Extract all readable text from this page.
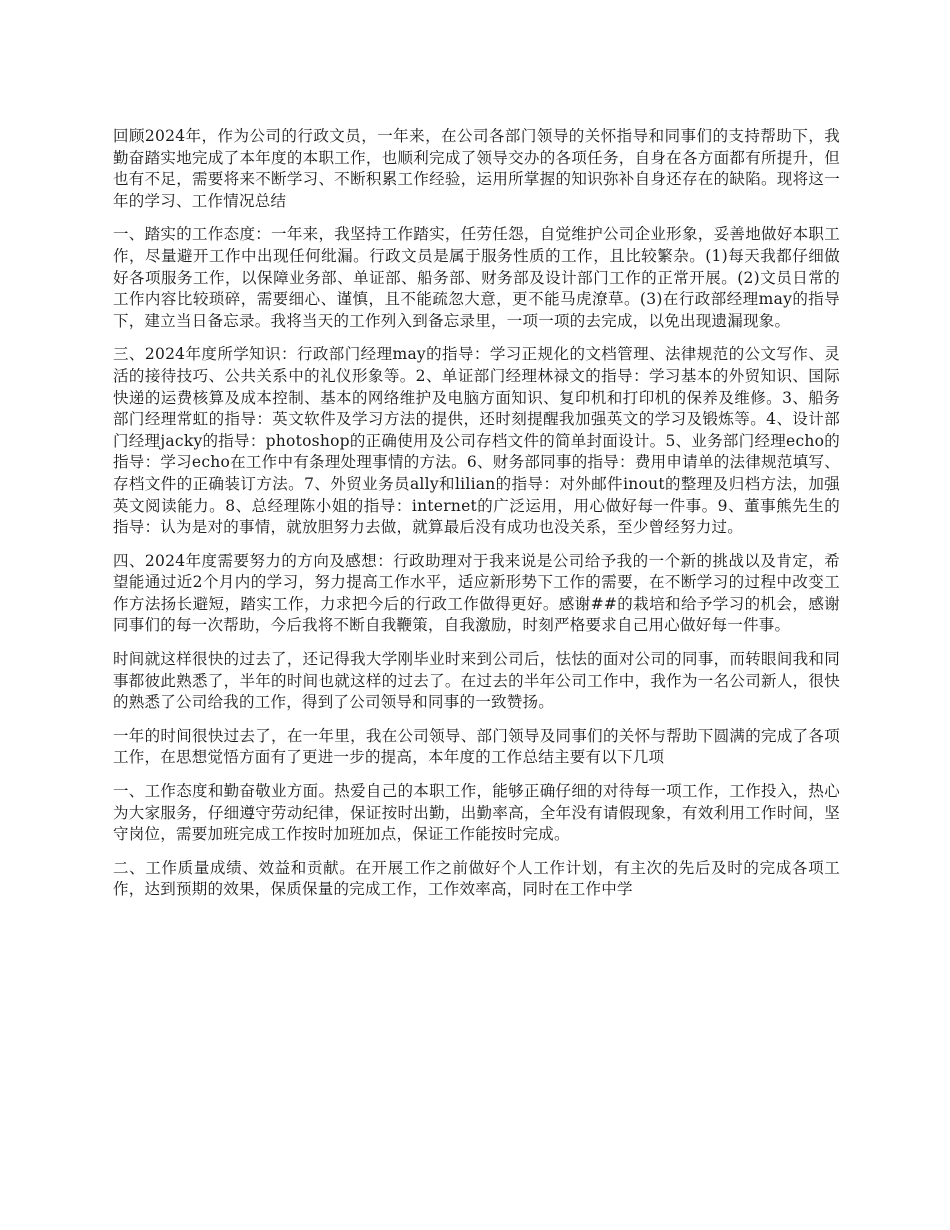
回顾2024年，作为公司的行政文员，一年来，在公司各部门领导的关怀指导和同事们的支持帮助下，我勤奋踏实地完成了本年度的本职工作，也顺利完成了领导交办的各项任务，自身在各方面都有所提升，但也有不足，需要将来不断学习、不断积累工作经验，运用所掌握的知识弥补自身还存在的缺陷。现将这一年的学习、工作情况总结

一、踏实的工作态度：一年来，我坚持工作踏实，任劳任怨，自觉维护公司企业形象，妥善地做好本职工作，尽量避开工作中出现任何纰漏。行政文员是属于服务性质的工作，且比较繁杂。(1)每天我都仔细做好各项服务工作，以保障业务部、单证部、船务部、财务部及设计部门工作的正常开展。(2)文员日常的工作内容比较琐碎，需要细心、谨慎，且不能疏忽大意，更不能马虎潦草。(3)在行政部经理may的指导下，建立当日备忘录。我将当天的工作列入到备忘录里，一项一项的去完成，以免出现遗漏现象。

三、2024年度所学知识：行政部门经理may的指导：学习正规化的文档管理、法律规范的公文写作、灵活的接待技巧、公共关系中的礼仪形象等。2、单证部门经理林禄文的指导：学习基本的外贸知识、国际快递的运费核算及成本控制、基本的网络维护及电脑方面知识、复印机和打印机的保养及维修。3、船务部门经理常虹的指导：英文软件及学习方法的提供，还时刻提醒我加强英文的学习及锻炼等。4、设计部门经理jacky的指导：photoshop的正确使用及公司存档文件的简单封面设计。5、业务部门经理echo的指导：学习echo在工作中有条理处理事情的方法。6、财务部同事的指导：费用申请单的法律规范填写、存档文件的正确装订方法。7、外贸业务员ally和lilian的指导：对外邮件inout的整理及归档方法，加强英文阅读能力。8、总经理陈小姐的指导：internet的广泛运用，用心做好每一件事。9、董事熊先生的指导：认为是对的事情，就放胆努力去做，就算最后没有成功也没关系，至少曾经努力过。

四、2024年度需要努力的方向及感想：行政助理对于我来说是公司给予我的一个新的挑战以及肯定，希望能通过近2个月内的学习，努力提高工作水平，适应新形势下工作的需要，在不断学习的过程中改变工作方法扬长避短，踏实工作，力求把今后的行政工作做得更好。感谢##的栽培和给予学习的机会，感谢同事们的每一次帮助，今后我将不断自我鞭策，自我激励，时刻严格要求自己用心做好每一件事。

时间就这样很快的过去了，还记得我大学刚毕业时来到公司后，怯怯的面对公司的同事，而转眼间我和同事都彼此熟悉了，半年的时间也就这样的过去了。在过去的半年公司工作中，我作为一名公司新人，很快的熟悉了公司给我的工作，得到了公司领导和同事的一致赞扬。

一年的时间很快过去了，在一年里，我在公司领导、部门领导及同事们的关怀与帮助下圆满的完成了各项工作，在思想觉悟方面有了更进一步的提高，本年度的工作总结主要有以下几项

一、工作态度和勤奋敬业方面。热爱自己的本职工作，能够正确仔细的对待每一项工作，工作投入，热心为大家服务，仔细遵守劳动纪律，保证按时出勤，出勤率高，全年没有请假现象，有效利用工作时间，坚守岗位，需要加班完成工作按时加班加点，保证工作能按时完成。

二、工作质量成绩、效益和贡献。在开展工作之前做好个人工作计划，有主次的先后及时的完成各项工作，达到预期的效果，保质保量的完成工作，工作效率高，同时在工作中学
